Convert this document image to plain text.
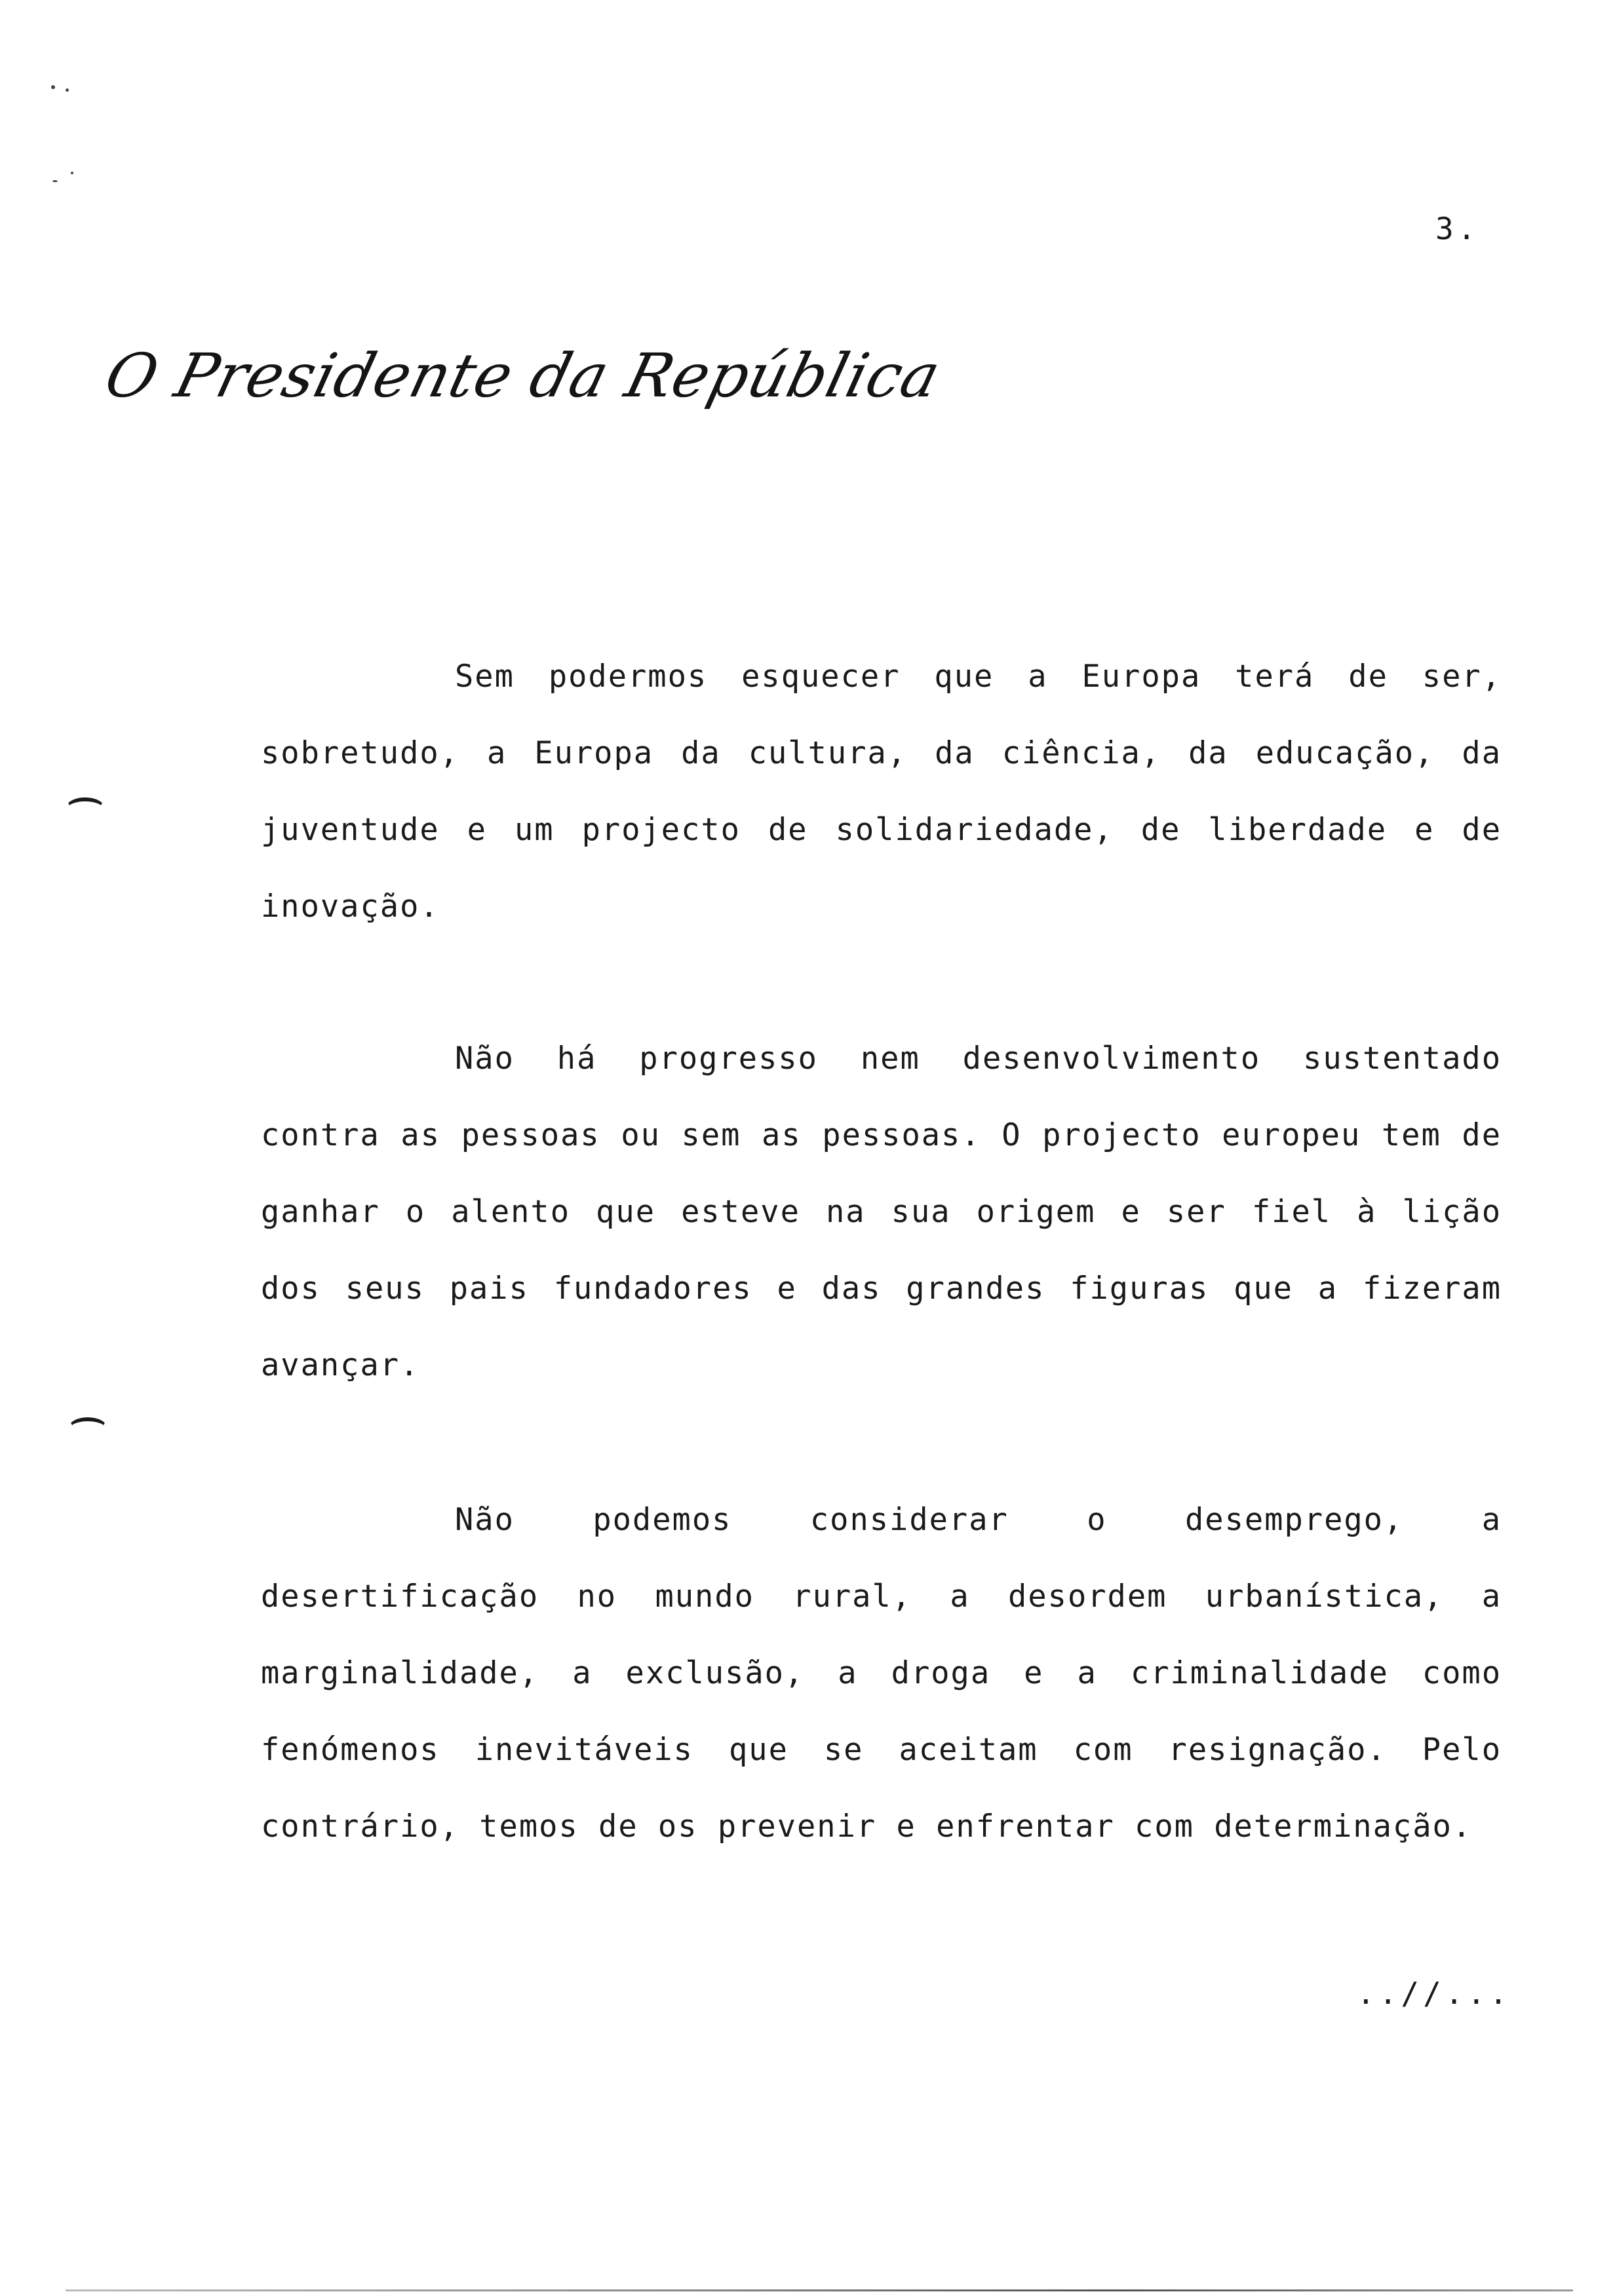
3.
O Presidente da República

Sem podermos esquecer que a Europa terá de ser, sobretudo, a Europa da cultura, da ciência, da educação, da juventude e um projecto de solidariedade, de liberdade e de inovação.

Não há progresso nem desenvolvimento sustentado contra as pessoas ou sem as pessoas. O projecto europeu tem de ganhar o alento que esteve na sua origem e ser fiel à lição dos seus pais fundadores e das grandes figuras que a fizeram avançar.

Não podemos considerar o desemprego, a desertificação no mundo rural, a desordem urbanística, a marginalidade, a exclusão, a droga e a criminalidade como fenómenos inevitáveis que se aceitam com resignação. Pelo contrário, temos de os prevenir e enfrentar com determinação.

..//...
